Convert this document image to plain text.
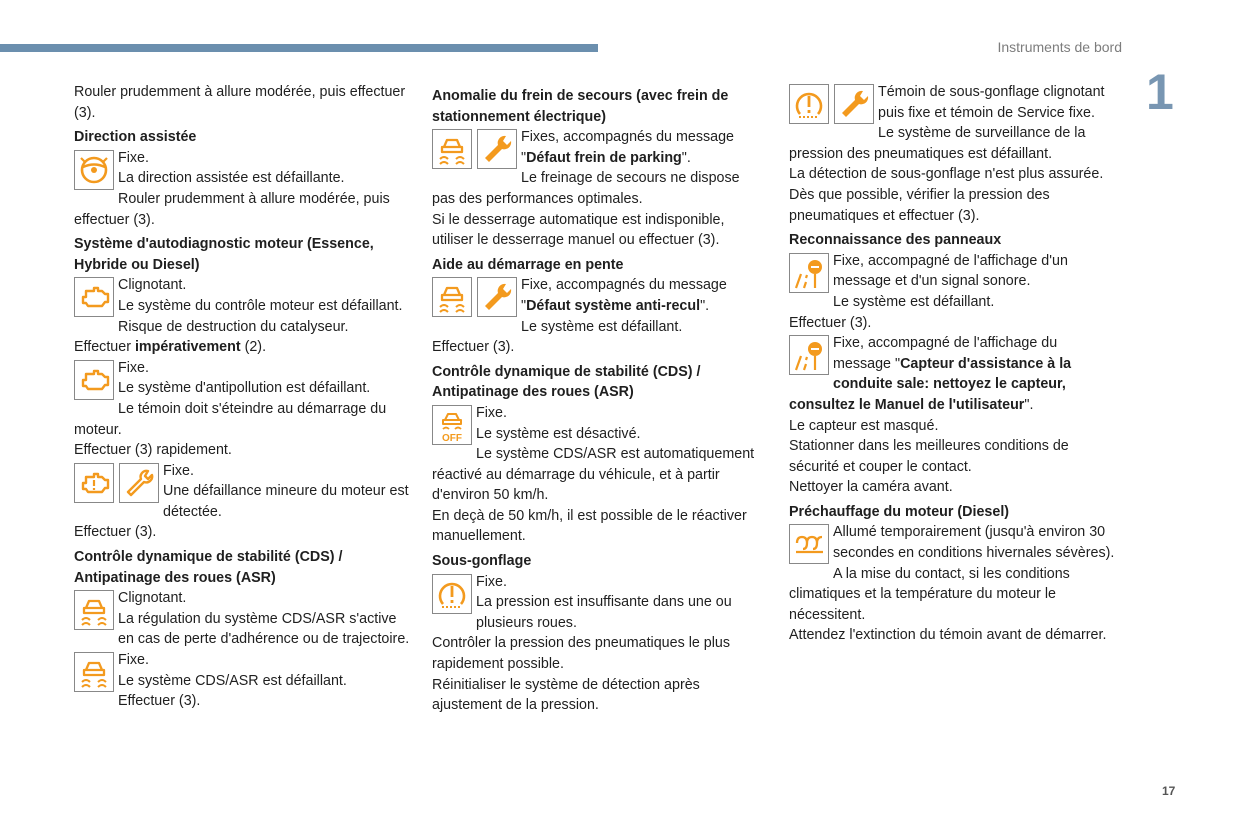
Instruments de bord
1
17

Rouler prudemment à allure modérée, puis effectuer (3).

Direction assistée

Fixe.

La direction assistée est défaillante.

Rouler prudemment à allure modérée, puis effectuer (3).

Système d'autodiagnostic moteur (Essence, Hybride ou Diesel)

Clignotant.

Le système du contrôle moteur est défaillant.

Risque de destruction du catalyseur.

Effectuer impérativement (2).

Fixe.

Le système d'antipollution est défaillant.

Le témoin doit s'éteindre au démarrage du moteur.

Effectuer (3) rapidement.

Fixe.

Une défaillance mineure du moteur est détectée.

Effectuer (3).

Contrôle dynamique de stabilité (CDS) / Antipatinage des roues (ASR)

Clignotant.

La régulation du système CDS/ASR s'active en cas de perte d'adhérence ou de trajectoire.

Fixe.

Le système CDS/ASR est défaillant.

Effectuer (3).

Anomalie du frein de secours (avec frein de stationnement électrique)

Fixes, accompagnés du message "Défaut frein de parking".

Le freinage de secours ne dispose pas des performances optimales.

Si le desserrage automatique est indisponible, utiliser le desserrage manuel ou effectuer (3).

Aide au démarrage en pente

Fixe, accompagnés du message "Défaut système anti-recul".

Le système est défaillant.

Effectuer (3).

Contrôle dynamique de stabilité (CDS) / Antipatinage des roues (ASR)

OFF

Fixe.

Le système est désactivé.

Le système CDS/ASR est automatiquement réactivé au démarrage du véhicule, et à partir d'environ 50 km/h.

En deçà de 50 km/h, il est possible de le réactiver manuellement.

Sous-gonflage

Fixe.

La pression est insuffisante dans une ou plusieurs roues.

Contrôler la pression des pneumatiques le plus rapidement possible.

Réinitialiser le système de détection après ajustement de la pression.

Témoin de sous-gonflage clignotant puis fixe et témoin de Service fixe.

Le système de surveillance de la pression des pneumatiques est défaillant.

La détection de sous-gonflage n'est plus assurée.

Dès que possible, vérifier la pression des pneumatiques et effectuer (3).

Reconnaissance des panneaux

Fixe, accompagné de l'affichage d'un message et d'un signal sonore.

Le système est défaillant.

Effectuer (3).

Fixe, accompagné de l'affichage du message "Capteur d'assistance à la conduite sale: nettoyez le capteur, consultez le Manuel de l'utilisateur".

Le capteur est masqué.

Stationner dans les meilleures conditions de sécurité et couper le contact.

Nettoyer la caméra avant.

Préchauffage du moteur (Diesel)

Allumé temporairement (jusqu'à environ 30 secondes en conditions hivernales sévères).

A la mise du contact, si les conditions climatiques et la température du moteur le nécessitent.

Attendez l'extinction du témoin avant de démarrer.
